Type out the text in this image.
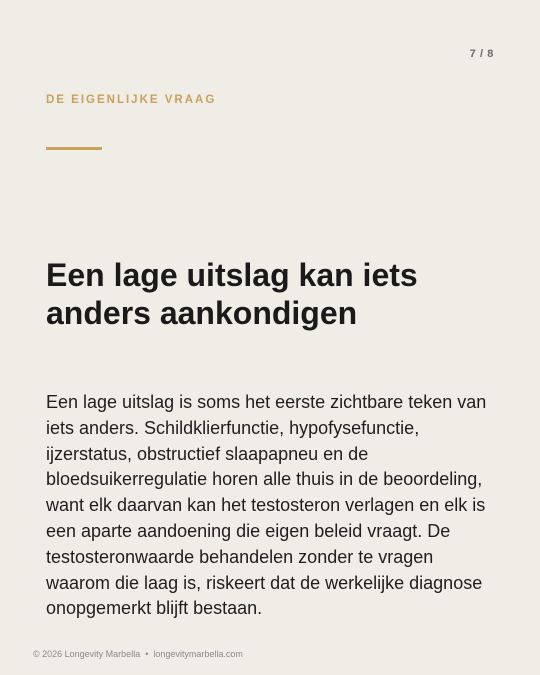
7 / 8
DE EIGENLIJKE VRAAG
Een lage uitslag kan iets anders aankondigen

Een lage uitslag is soms het eerste zichtbare teken van iets anders. Schildklierfunctie, hypofysefunctie, ijzerstatus, obstructief slaapapneu en de bloedsuikerregulatie horen alle thuis in de beoordeling, want elk daarvan kan het testosteron verlagen en elk is een aparte aandoening die eigen beleid vraagt. De testosteronwaarde behandelen zonder te vragen waarom die laag is, riskeert dat de werkelijke diagnose onopgemerkt blijft bestaan.

© 2026 Longevity Marbella • longevitymarbella.com
